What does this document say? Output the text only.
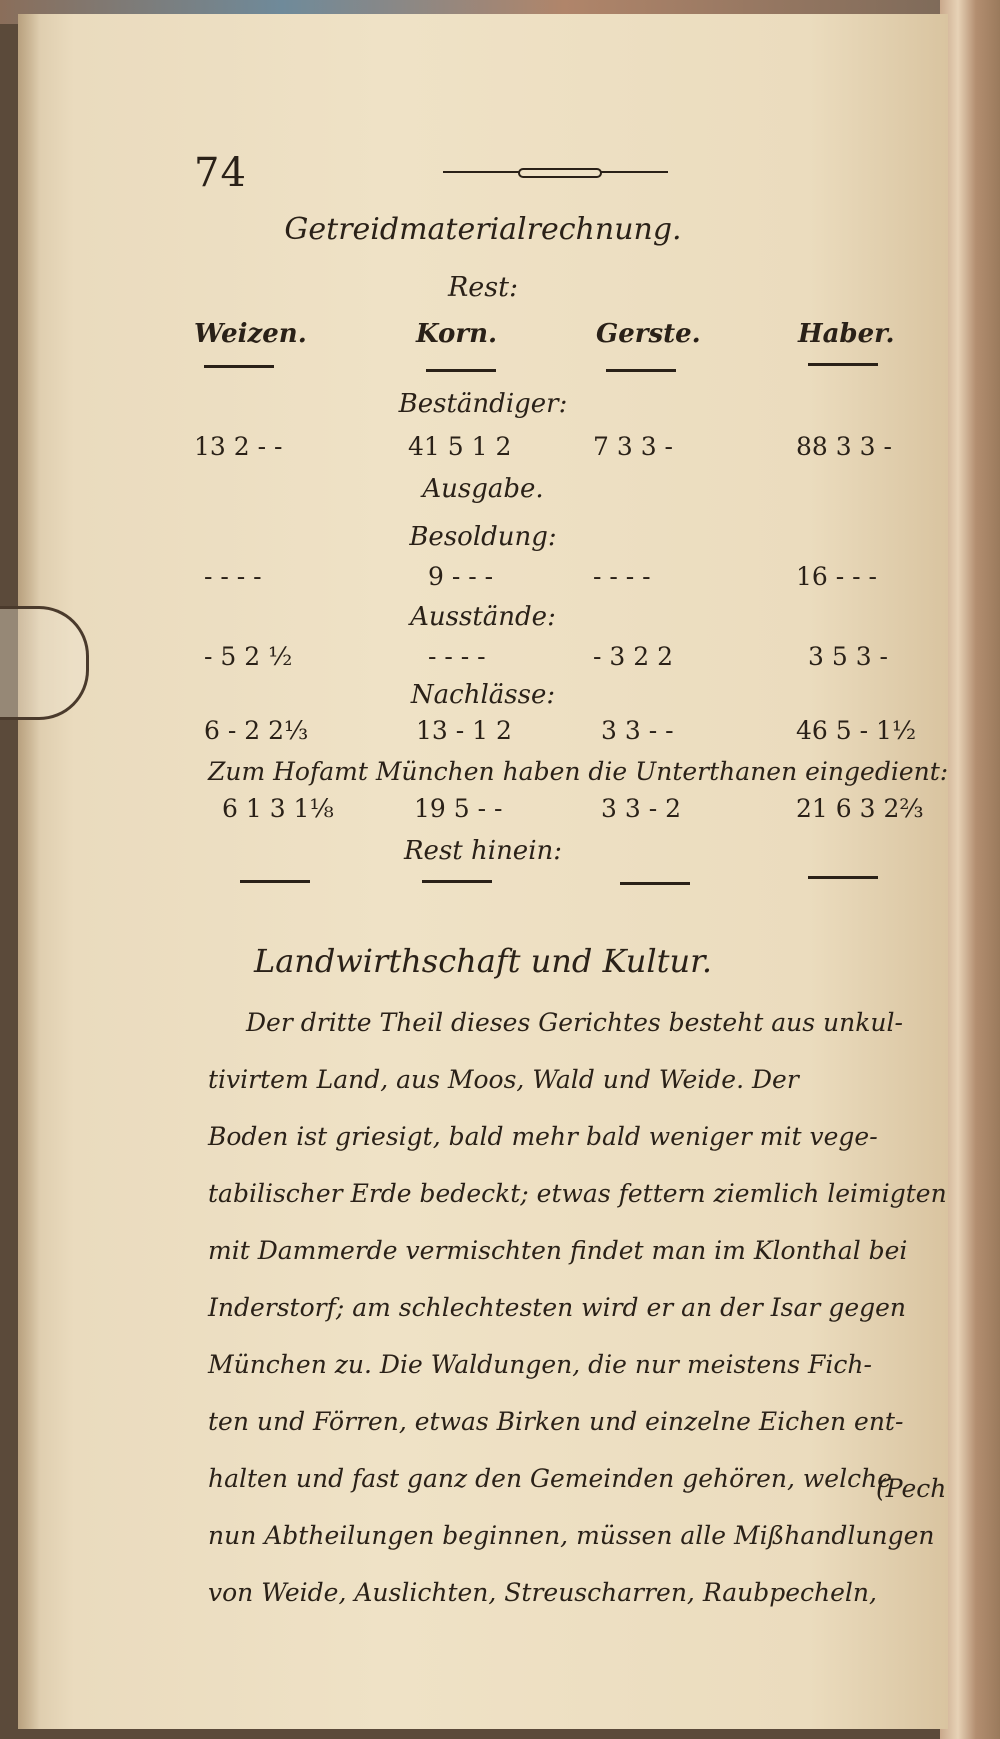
74
Getreidmaterialrechnung.
Rest:
Weizen.	Korn.	Gerste.	Haber.
Beständiger:
13 2 - -	41 5 1 2	7 3 3 -	88 3 3 -
Ausgabe.
Besoldung:
- - - -	9 - - -	- - - -	16 - - -
Ausstände:
- 5 2 ½	- - - -	- 3 2 2	3 5 3 -
Nachlässe:
6 - 2 2⅓	13 - 1 2	3 3 - -	46 5 - 1½
Zum Hofamt München haben die Unterthanen eingedient:
6 1 3 1⅛	19 5 - -	3 3 - 2	21 6 3 2⅔
Rest hinein:
Landwirthschaft und Kultur.
Der dritte Theil dieses Gerichtes besteht aus unkul-
tivirtem Land, aus Moos, Wald und Weide. Der
Boden ist griesigt, bald mehr bald weniger mit vege-
tabilischer Erde bedeckt; etwas fettern ziemlich leimigten
mit Dammerde vermischten findet man im Klonthal bei
Inderstorf; am schlechtesten wird er an der Isar gegen
München zu. Die Waldungen, die nur meistens Fich-
ten und Förren, etwas Birken und einzelne Eichen ent-
halten und fast ganz den Gemeinden gehören, welche
nun Abtheilungen beginnen, müssen alle Mißhandlungen
von Weide, Auslichten, Streuscharren, Raubpecheln,
(Pech
